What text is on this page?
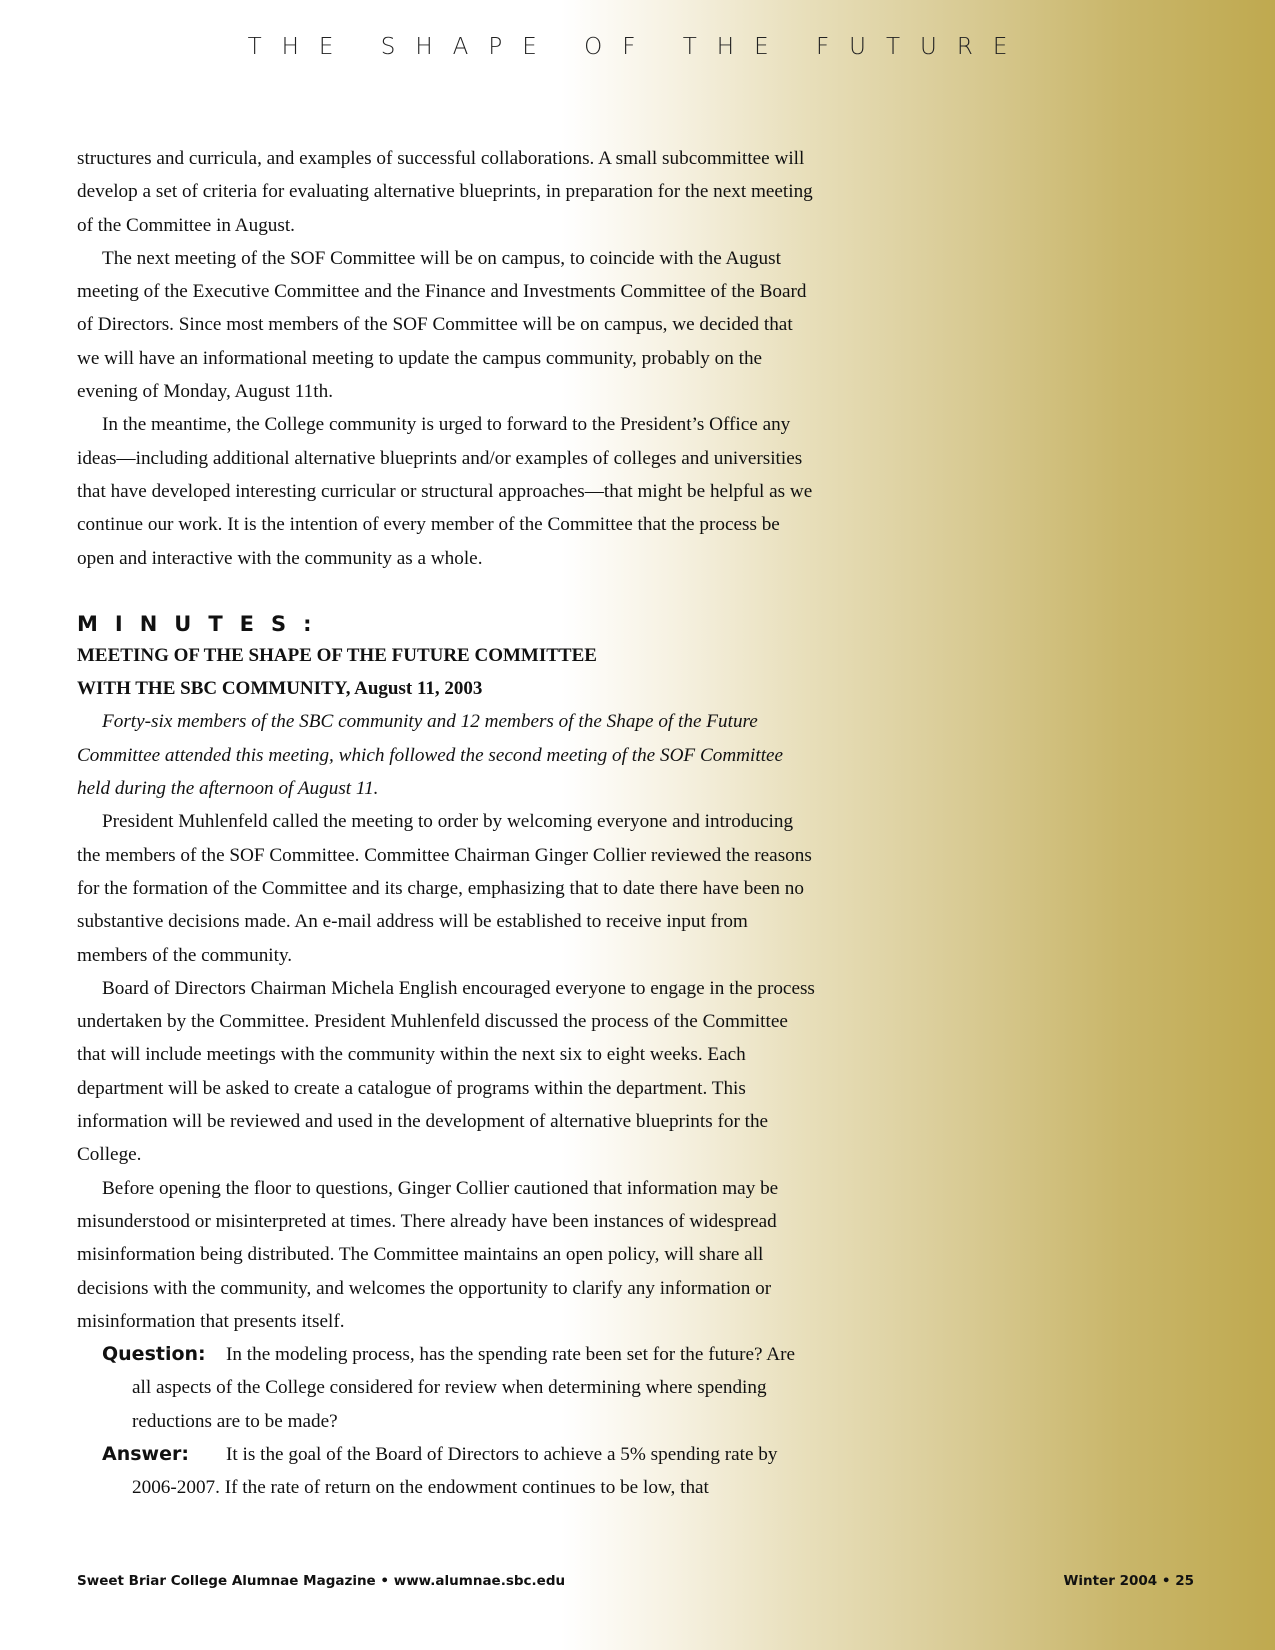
THE SHAPE OF THE FUTURE

structures and curricula, and examples of successful collaborations. A small subcommittee will develop a set of criteria for evaluating alternative blueprints, in preparation for the next meeting of the Committee in August.

The next meeting of the SOF Committee will be on campus, to coincide with the August meeting of the Executive Committee and the Finance and Investments Committee of the Board of Directors. Since most members of the SOF Committee will be on campus, we decided that we will have an informational meeting to update the campus community, probably on the evening of Monday, August 11th.

In the meantime, the College community is urged to forward to the President’s Office any ideas—including additional alternative blueprints and/or examples of colleges and universities that have developed interesting curricular or structural approaches—that might be helpful as we continue our work. It is the intention of every member of the Committee that the process be open and interactive with the community as a whole.

MINUTES:

MEETING OF THE SHAPE OF THE FUTURE COMMITTEE

WITH THE SBC COMMUNITY, August 11, 2003

Forty-six members of the SBC community and 12 members of the Shape of the Future Committee attended this meeting, which followed the second meeting of the SOF Committee held during the afternoon of August 11.

President Muhlenfeld called the meeting to order by welcoming everyone and introducing the members of the SOF Committee. Committee Chairman Ginger Collier reviewed the reasons for the formation of the Committee and its charge, emphasizing that to date there have been no substantive decisions made. An e-mail address will be established to receive input from members of the community.

Board of Directors Chairman Michela English encouraged everyone to engage in the process undertaken by the Committee. President Muhlenfeld discussed the process of the Committee that will include meetings with the community within the next six to eight weeks. Each department will be asked to create a catalogue of programs within the department. This information will be reviewed and used in the development of alternative blueprints for the College.

Before opening the floor to questions, Ginger Collier cautioned that information may be misunderstood or misinterpreted at times. There already have been instances of widespread misinformation being distributed. The Committee maintains an open policy, will share all decisions with the community, and welcomes the opportunity to clarify any information or misinformation that presents itself.

Question: In the modeling process, has the spending rate been set for the future? Are all aspects of the College considered for review when determining where spending reductions are to be made?

Answer: It is the goal of the Board of Directors to achieve a 5% spending rate by 2006-2007. If the rate of return on the endowment continues to be low, that

Sweet Briar College Alumnae Magazine • www.alumnae.sbc.edu	Winter 2004 • 25
